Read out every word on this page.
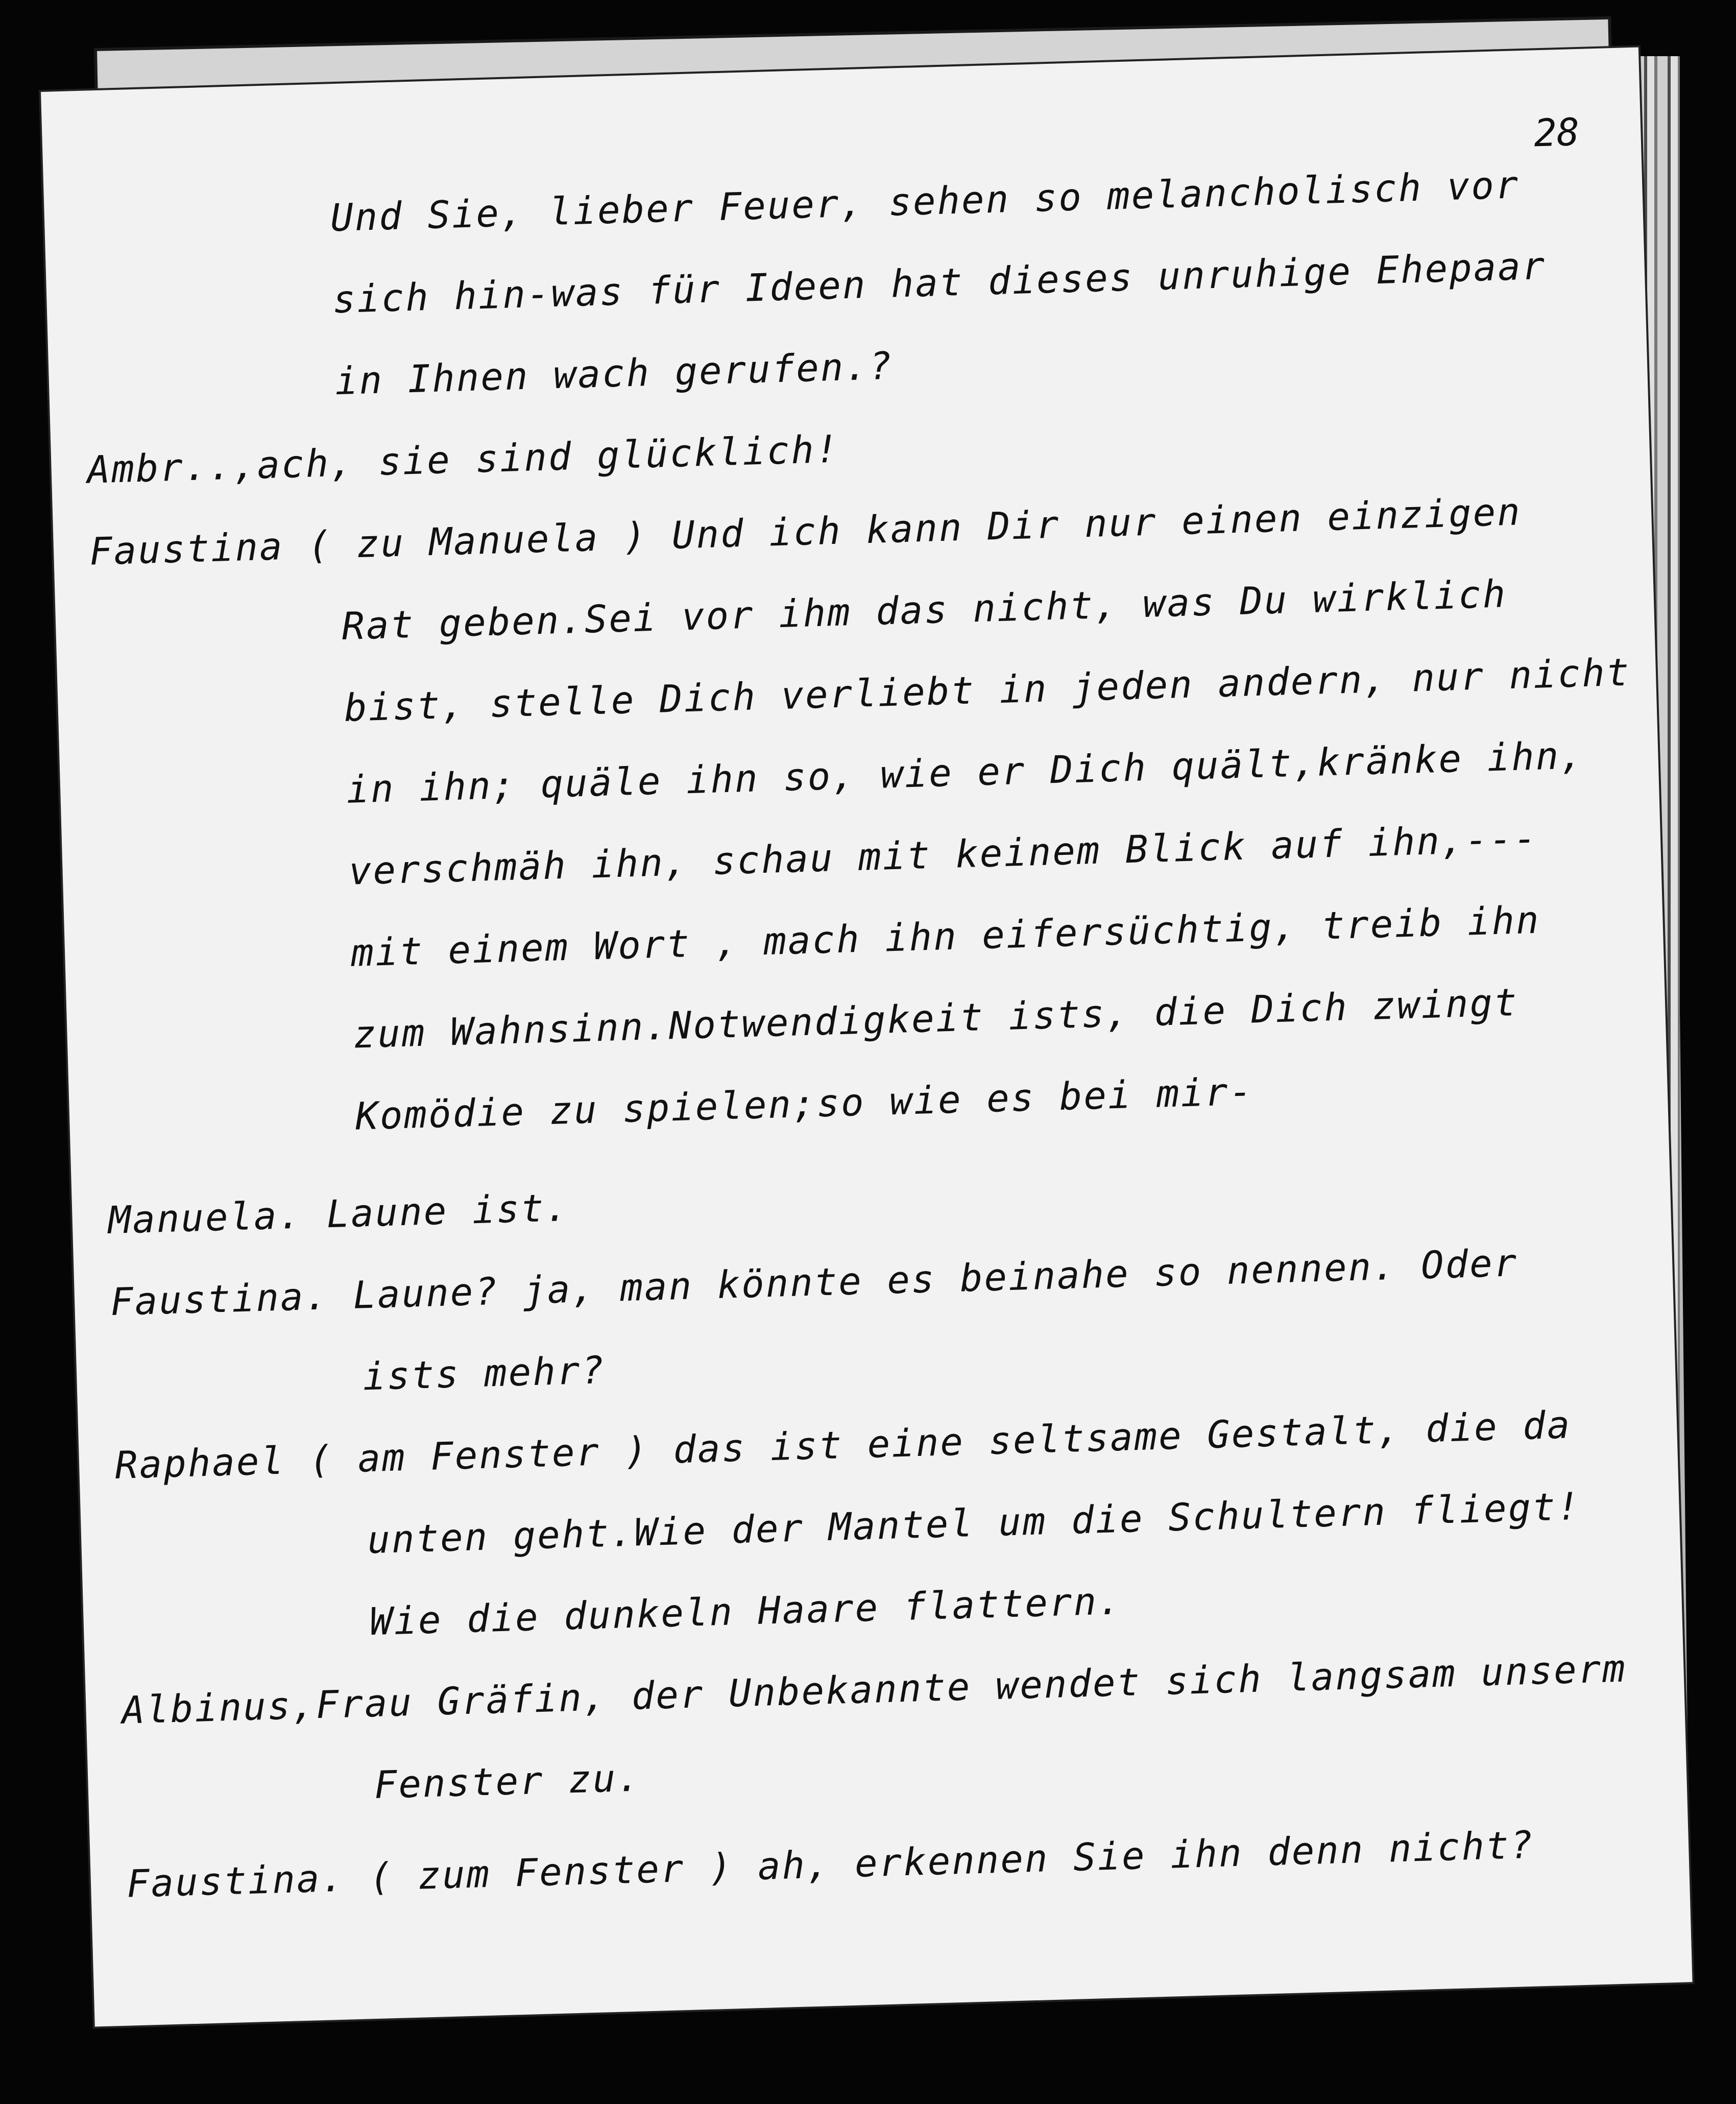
28
Und Sie, lieber Feuer, sehen so melancholisch vor
sich hin-was für Ideen hat dieses unruhige Ehepaar
in Ihnen wach gerufen.?
Ambr..,ach, sie sind glücklich!
Faustina ( zu Manuela ) Und ich kann Dir nur einen einzigen
Rat geben.Sei vor ihm das nicht, was Du wirklich
bist, stelle Dich verliebt in jeden andern, nur nicht
in ihn; quäle ihn so, wie er Dich quält,kränke ihn,
verschmäh ihn, schau mit keinem Blick auf ihn,---
mit einem Wort , mach ihn eifersüchtig, treib ihn
zum Wahnsinn.Notwendigkeit ists, die Dich zwingt
Komödie zu spielen;so wie es bei mir-
Manuela. Laune ist.
Faustina. Laune? ja, man könnte es beinahe so nennen. Oder
ists mehr?
Raphael ( am Fenster ) das ist eine seltsame Gestalt, die da
unten geht.Wie der Mantel um die Schultern fliegt!
Wie die dunkeln Haare flattern.
Albinus,Frau Gräfin, der Unbekannte wendet sich langsam unserm
Fenster zu.
Faustina. ( zum Fenster ) ah, erkennen Sie ihn denn nicht?
